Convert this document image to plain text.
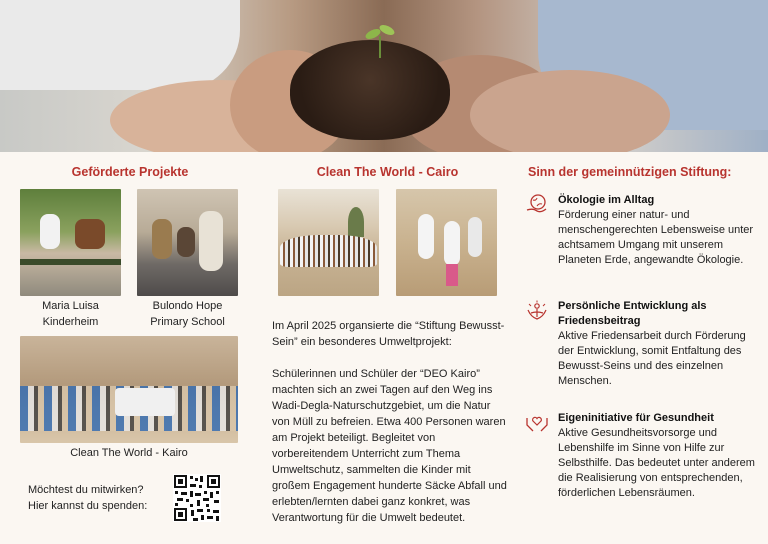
Geförderte Projekte
Maria Luisa
Kinderheim
Bulondo Hope
Primary School
Clean The World - Kairo
Möchtest du mitwirken?
Hier kannst du spenden:
Clean The World - Cairo
Im April 2025 organsierte die “Stiftung Bewusst-Sein” ein besonderes Umweltprojekt:
Schülerinnen und Schüler der “DEO Kairo” machten sich an zwei Tagen auf den Weg ins Wadi-Degla-Naturschutzgebiet, um die Natur von Müll zu befreien. Etwa 400 Personen waren am Projekt beteiligt. Begleitet von vorbereitendem Unterricht zum Thema Umweltschutz, sammelten die Kinder mit großem Engagement hunderte Säcke Abfall und erlebten/lernten dabei ganz konkret, was Verantwortung für die Umwelt bedeutet.
Sinn der gemeinnützigen Stiftung:
Ökologie im Alltag
Förderung einer natur- und menschengerechten Lebensweise unter achtsamem Umgang mit unserem Planeten Erde, angewandte Ökologie.
Persönliche Entwicklung als Friedensbeitrag
Aktive Friedensarbeit durch Förderung der Entwicklung, somit Entfaltung des Bewusst-Seins und des einzelnen Menschen.
Eigeninitiative für Gesundheit
Aktive Gesundheitsvorsorge und Lebenshilfe im Sinne von Hilfe zur Selbsthilfe. Das bedeutet unter anderem die Realisierung von entsprechenden, förderlichen Lebensräumen.
